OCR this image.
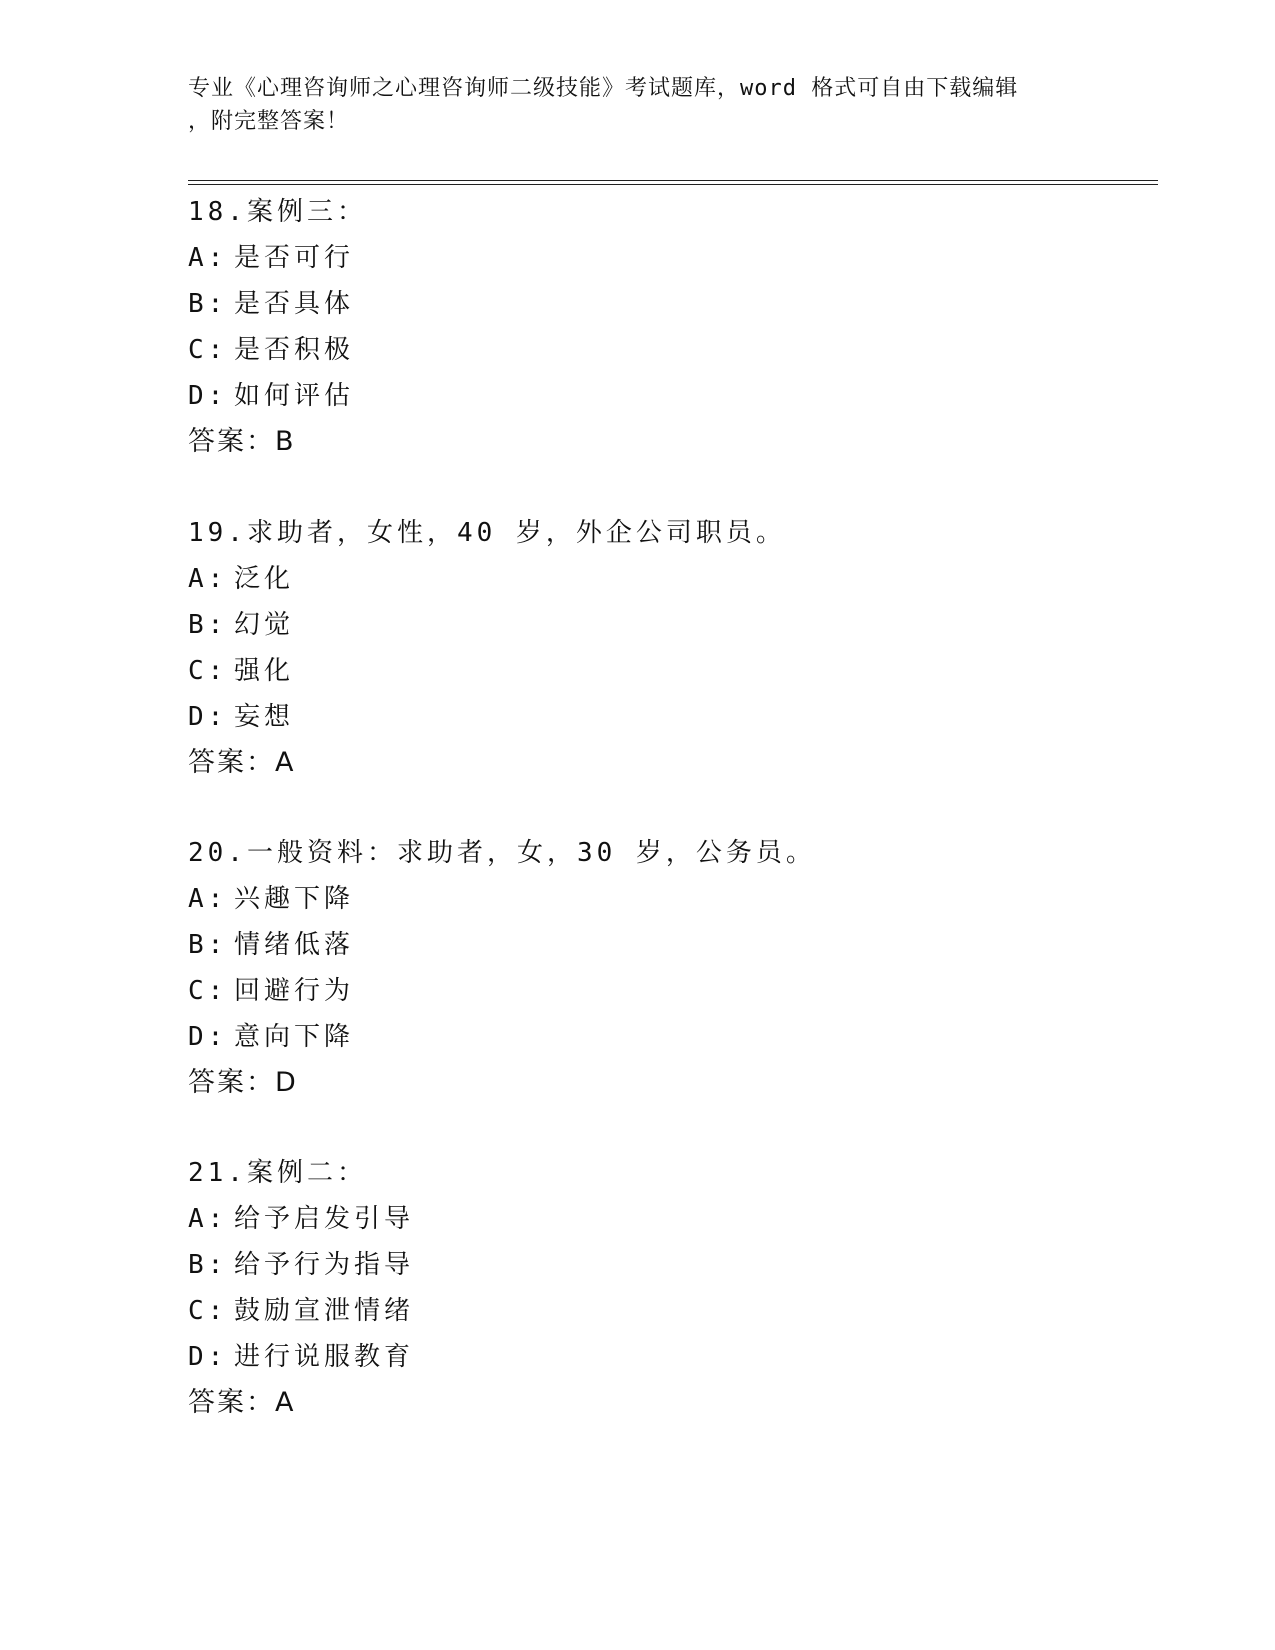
专业《心理咨询师之心理咨询师二级技能》考试题库，word 格式可自由下载编辑
，附完整答案！
18.案例三：
A: 是否可行
B: 是否具体
C: 是否积极
D: 如何评估
答案：B
19.求助者，女性，40 岁，外企公司职员。
A: 泛化
B: 幻觉
C: 强化
D: 妄想
答案：A
20.一般资料：求助者，女，30 岁，公务员。
A: 兴趣下降
B: 情绪低落
C: 回避行为
D: 意向下降
答案：D
21.案例二：
A: 给予启发引导
B: 给予行为指导
C: 鼓励宣泄情绪
D: 进行说服教育
答案：A
